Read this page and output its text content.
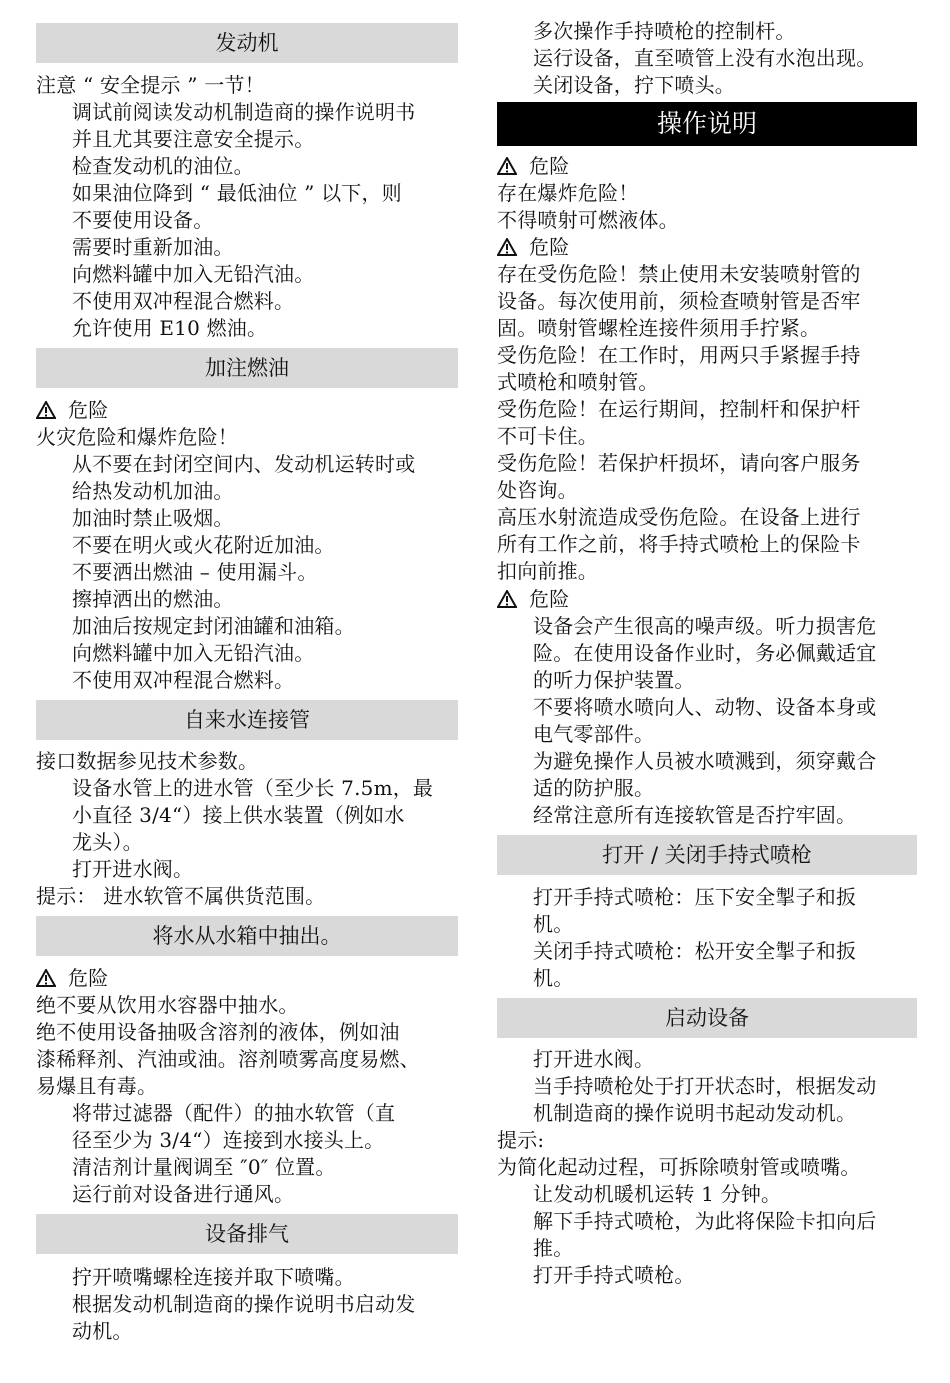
发动机
注意 “ 安全提示 ” 一节！
调试前阅读发动机制造商的操作说明书
并且尤其要注意安全提示。
检查发动机的油位。
如果油位降到 “ 最低油位 ” 以下，则
不要使用设备。
需要时重新加油。
向燃料罐中加入无铅汽油。
不使用双冲程混合燃料。
允许使用 E10 燃油。
加注燃油
危险
火灾危险和爆炸危险！
从不要在封闭空间内、发动机运转时或
给热发动机加油。
加油时禁止吸烟。
不要在明火或火花附近加油。
不要洒出燃油 – 使用漏斗。
擦掉洒出的燃油。
加油后按规定封闭油罐和油箱。
向燃料罐中加入无铅汽油。
不使用双冲程混合燃料。
自来水连接管
接口数据参见技术参数。
设备水管上的进水管（至少长 7.5m，最
小直径 3/4“）接上供水装置（例如水
龙头）。
打开进水阀。
提示： 进水软管不属供货范围。
将水从水箱中抽出。
危险
绝不要从饮用水容器中抽水。
绝不使用设备抽吸含溶剂的液体，例如油
漆稀释剂、汽油或油。溶剂喷雾高度易燃、
易爆且有毒。
将带过滤器（配件）的抽水软管（直
径至少为 3/4“）连接到水接头上。
清洁剂计量阀调至 ″0″ 位置。
运行前对设备进行通风。
设备排气
拧开喷嘴螺栓连接并取下喷嘴。
根据发动机制造商的操作说明书启动发
动机。
多次操作手持喷枪的控制杆。
运行设备，直至喷管上没有水泡出现。
关闭设备，拧下喷头。
操作说明
危险
存在爆炸危险！
不得喷射可燃液体。
危险
存在受伤危险！禁止使用未安装喷射管的
设备。每次使用前，须检查喷射管是否牢
固。喷射管螺栓连接件须用手拧紧。
受伤危险！在工作时，用两只手紧握手持
式喷枪和喷射管。
受伤危险！在运行期间，控制杆和保护杆
不可卡住。
受伤危险！若保护杆损坏，请向客户服务
处咨询。
高压水射流造成受伤危险。在设备上进行
所有工作之前，将手持式喷枪上的保险卡
扣向前推。
危险
设备会产生很高的噪声级。听力损害危
险。在使用设备作业时，务必佩戴适宜
的听力保护装置。
不要将喷水喷向人、动物、设备本身或
电气零部件。
为避免操作人员被水喷溅到，须穿戴合
适的防护服。
经常注意所有连接软管是否拧牢固。
打开 / 关闭手持式喷枪
打开手持式喷枪：压下安全掣子和扳
机。
关闭手持式喷枪：松开安全掣子和扳
机。
启动设备
打开进水阀。
当手持喷枪处于打开状态时，根据发动
机制造商的操作说明书起动发动机。
提示:
为简化起动过程，可拆除喷射管或喷嘴。
让发动机暖机运转 1 分钟。
解下手持式喷枪，为此将保险卡扣向后
推。
打开手持式喷枪。
